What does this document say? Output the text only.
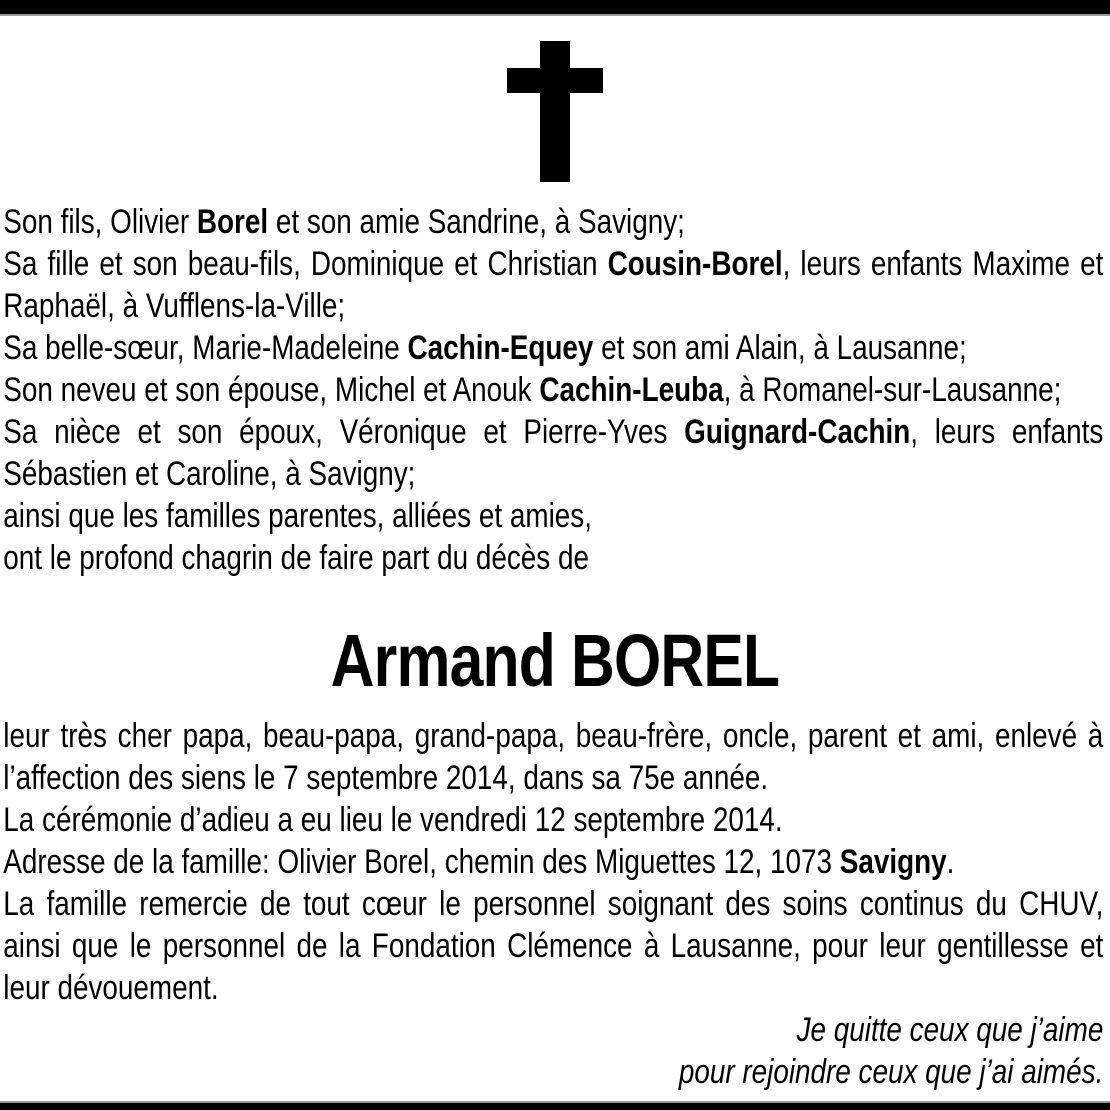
Son fils, Olivier Borel et son amie Sandrine, à Savigny;

Sa fille et son beau-fils, Dominique et Christian Cousin-Borel, leurs enfants Maxime et Raphaël, à Vufflens-la-Ville;

Sa belle-sœur, Marie-Madeleine Cachin-Equey et son ami Alain, à Lausanne;

Son neveu et son épouse, Michel et Anouk Cachin-Leuba, à Romanel-sur-Lausanne;

Sa nièce et son époux, Véronique et Pierre-Yves Guignard-Cachin, leurs enfants Sébastien et Caroline, à Savigny;

ainsi que les familles parentes, alliées et amies,

ont le profond chagrin de faire part du décès de

Armand BOREL

leur très cher papa, beau-papa, grand-papa, beau-frère, oncle, parent et ami, enlevé à l’affection des siens le 7 septembre 2014, dans sa 75e année.

La cérémonie d’adieu a eu lieu le vendredi 12 septembre 2014.

Adresse de la famille: Olivier Borel, chemin des Miguettes 12, 1073 Savigny.

La famille remercie de tout cœur le personnel soignant des soins continus du CHUV, ainsi que le personnel de la Fondation Clémence à Lausanne, pour leur gentillesse et leur dévouement.

Je quitte ceux que j’aime

pour rejoindre ceux que j’ai aimés.
